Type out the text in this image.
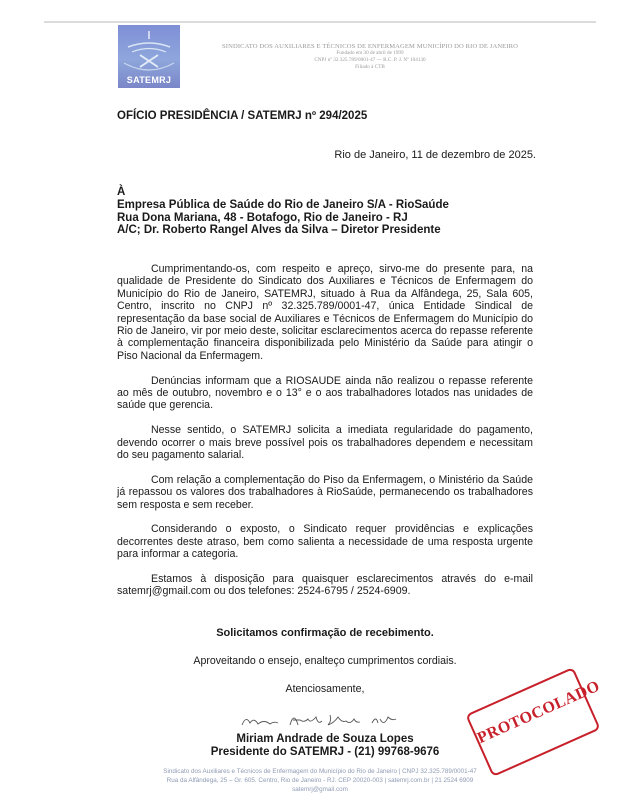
SATEMRJ
SINDICATO DOS AUXILIARES E TÉCNICOS DE ENFERMAGEM MUNICÍPIO DO RIO DE JANEIRO
Fundado em 30 de abril de 1999
CNPJ nº 32.325.789/0001-47 — R.C. P. J. Nº 104130
Filiado à CTB
OFÍCIO PRESIDÊNCIA / SATEMRJ nº 294/2025
Rio de Janeiro, 11 de dezembro de 2025.
À
Empresa Pública de Saúde do Rio de Janeiro S/A - RioSaúde
Rua Dona Mariana, 48 - Botafogo, Rio de Janeiro - RJ
A/C; Dr. Roberto Rangel Alves da Silva – Diretor Presidente

Cumprimentando-os, com respeito e apreço, sirvo-me do presente para, na qualidade de Presidente do Sindicato dos Auxiliares e Técnicos de Enfermagem do Município do Rio de Janeiro, SATEMRJ, situado à Rua da Alfândega, 25, Sala 605, Centro, inscrito no CNPJ nº 32.325.789/0001-47, única Entidade Sindical de representação da base social de Auxiliares e Técnicos de Enfermagem do Município do Rio de Janeiro, vir por meio deste, solicitar esclarecimentos acerca do repasse referente à complementação financeira disponibilizada pelo Ministério da Saúde para atingir o Piso Nacional da Enfermagem.

Denúncias informam que a RIOSAUDE ainda não realizou o repasse referente ao mês de outubro, novembro e o 13° e o aos trabalhadores lotados nas unidades de saúde que gerencia.

Nesse sentido, o SATEMRJ solicita a imediata regularidade do pagamento, devendo ocorrer o mais breve possível pois os trabalhadores dependem e necessitam do seu pagamento salarial.

Com relação a complementação do Piso da Enfermagem, o Ministério da Saúde já repassou os valores dos trabalhadores à RioSaúde, permanecendo os trabalhadores sem resposta e sem receber.

Considerando o exposto, o Sindicato requer providências e explicações decorrentes deste atraso, bem como salienta a necessidade de uma resposta urgente para informar a categoria.

Estamos à disposição para quaisquer esclarecimentos através do e-mail satemrj@gmail.com ou dos telefones: 2524-6795 / 2524-6909.

Solicitamos confirmação de recebimento.
Aproveitando o ensejo, enalteço cumprimentos cordiais.
Atenciosamente,
Miriam Andrade de Souza Lopes
Presidente do SATEMRJ - (21) 99768-9676
PROTOCOLADO
Sindicato dos Auxiliares e Técnicos de Enfermagem do Município do Rio de Janeiro | CNPJ 32.325.789/0001-47
Rua da Alfândega, 25 – Gr. 605. Centro, Rio de Janeiro - RJ. CEP 20020-003 | satemrj.com.br | 21 2524 6909
satemrj@gmail.com
